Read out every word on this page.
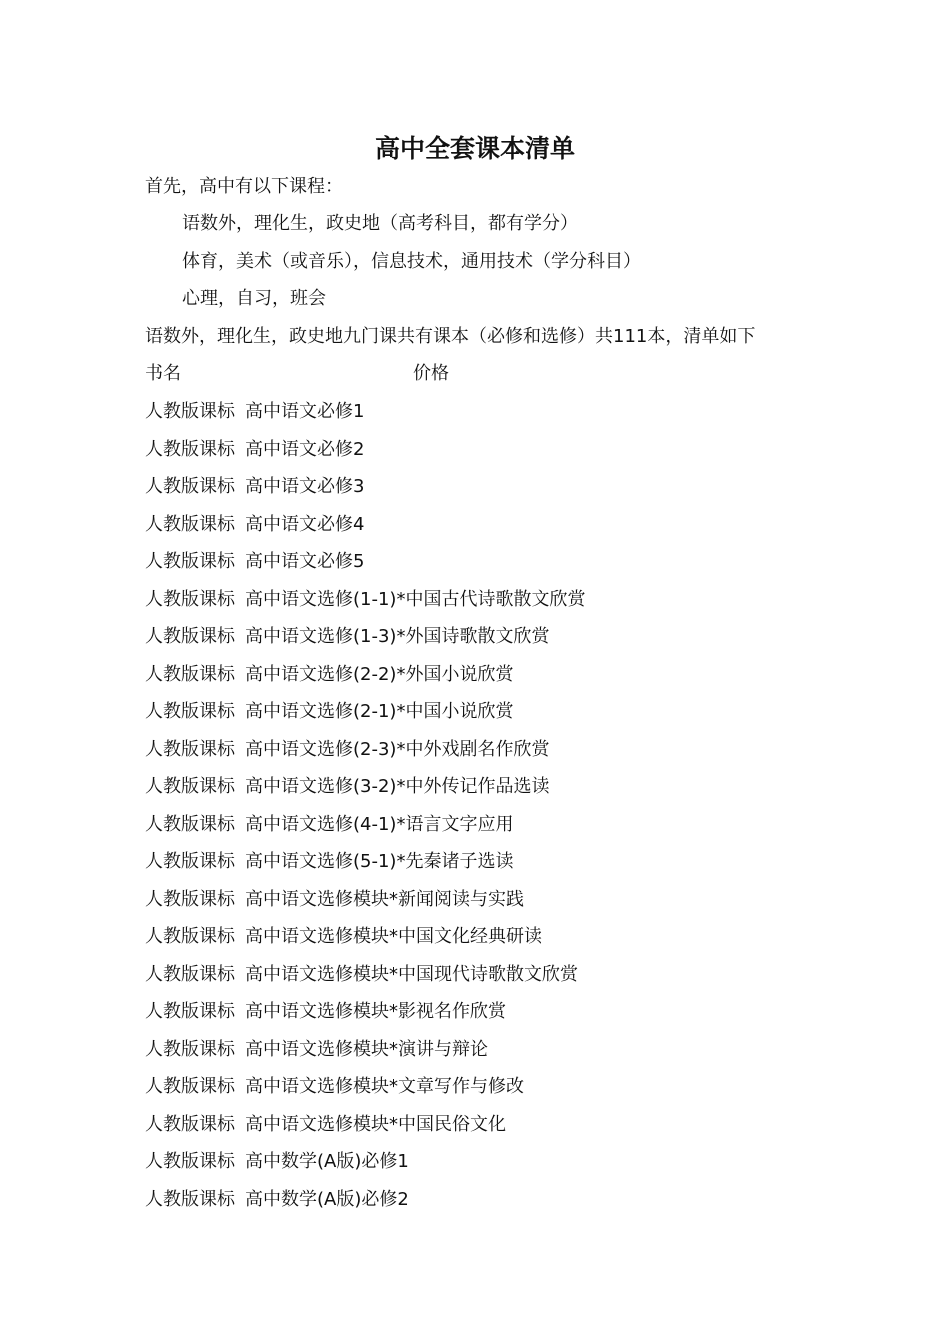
高中全套课本清单
首先，高中有以下课程：
语数外，理化生，政史地（高考科目，都有学分）
体育，美术（或音乐），信息技术，通用技术（学分科目）
心理，自习，班会
语数外，理化生，政史地九门课共有课本（必修和选修）共111本，清单如下
书名	价格
人教版课标 高中语文必修1
人教版课标 高中语文必修2
人教版课标 高中语文必修3
人教版课标 高中语文必修4
人教版课标 高中语文必修5
人教版课标 高中语文选修(1-1)*中国古代诗歌散文欣赏
人教版课标 高中语文选修(1-3)*外国诗歌散文欣赏
人教版课标 高中语文选修(2-2)*外国小说欣赏
人教版课标 高中语文选修(2-1)*中国小说欣赏
人教版课标 高中语文选修(2-3)*中外戏剧名作欣赏
人教版课标 高中语文选修(3-2)*中外传记作品选读
人教版课标 高中语文选修(4-1)*语言文字应用
人教版课标 高中语文选修(5-1)*先秦诸子选读
人教版课标 高中语文选修模块*新闻阅读与实践
人教版课标 高中语文选修模块*中国文化经典研读
人教版课标 高中语文选修模块*中国现代诗歌散文欣赏
人教版课标 高中语文选修模块*影视名作欣赏
人教版课标 高中语文选修模块*演讲与辩论
人教版课标 高中语文选修模块*文章写作与修改
人教版课标 高中语文选修模块*中国民俗文化
人教版课标 高中数学(A版)必修1
人教版课标 高中数学(A版)必修2
